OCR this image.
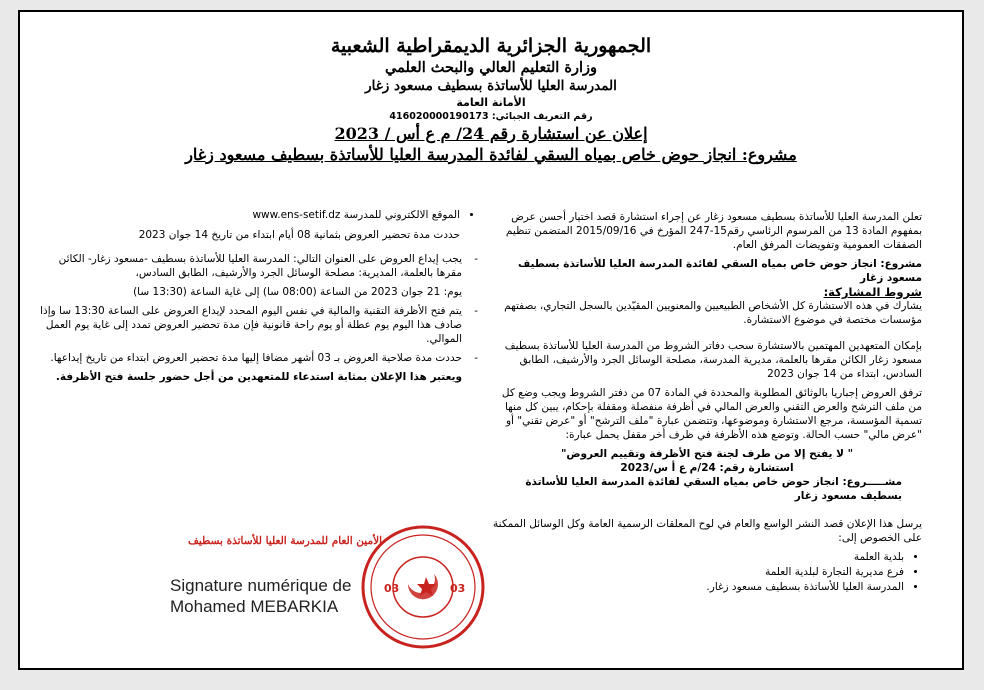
الجمهورية الجزائرية الديمقراطية الشعبية
وزارة التعليم العالي والبحث العلمي
المدرسة العليا للأساتذة بسطيف مسعود زغار
الأمانة العامة
رقم التعريف الجبائي: 416020000190173
إعلان عن استشارة رقم 24/ م ع أس / 2023
مشروع: انجاز حوض خاص بمياه السقي لفائدة المدرسة العليا للأساتذة بسطيف مسعود زغار

تعلن المدرسة العليا للأساتذة بسطيف مسعود زغار عن إجراء استشارة قصد اختيار أحسن عرض بمفهوم المادة 13 من المرسوم الرئاسي رقم15-247 المؤرخ في 2015/09/16 المتضمن تنظيم الصفقات العمومية وتفويضات المرفق العام.

مشروع: انجاز حوض خاص بمياه السقي لفائدة المدرسة العليا للأساتذة بسطيف مسعود زغار

شروط المشاركة:

يشارك في هذه الاستشارة كل الأشخاص الطبيعيين والمعنويين المقيّدين بالسجل التجاري، بصفتهم مؤسسات مختصة في موضوع الاستشارة.

بإمكان المتعهدين المهتمين بالاستشارة سحب دفاتر الشروط من المدرسة العليا للأساتذة بسطيف مسعود زغار الكائن مقرها بالعلمة، مديرية المدرسة، مصلحة الوسائل الجرد والأرشيف، الطابق السادس، ابتداء من 14 جوان 2023

ترفق العروض إجباريا بالوثائق المطلوبة والمحددة في المادة 07 من دفتر الشروط ويجب وضع كل من ملف الترشح والعرض التقني والعرض المالي في أظرفة منفصلة ومقفلة بإحكام، يبين كل منها تسمية المؤسسة، مرجع الاستشارة وموضوعها، وتتضمن عبارة "ملف الترشح" أو "عرض تقني" أو "عرض مالي" حسب الحالة. وتوضع هذه الأظرفة في ظرف أخر مقفل يحمل عبارة:

" لا يفتح إلا من طرف لجنة فتح الأظرفة وتقييم العروض"
استشارة رقم: 24/م ع أ س/2023

مشـــــروع: انجاز حوض خاص بمياه السقي لفائدة المدرسة العليا للأساتذة بسطيف مسعود زغار

يرسل هذا الإعلان قصد النشر الواسع والعام في لوح المعلقات الرسمية العامة وكل الوسائل الممكنة على الخصوص إلى:

• بلدية العلمة
• فرع مديرية التجارة لبلدية العلمة
• المدرسة العليا للأساتذة بسطيف مسعود زغار.
• الموقع الالكتروني للمدرسة www.ens-setif.dz

حددت مدة تحضير العروض بثمانية 08 أيام ابتداء من تاريخ 14 جوان 2023

- يجب إيداع العروض على العنوان التالي: المدرسة العليا للأساتذة بسطيف -مسعود زغار- الكائن مقرها بالعلمة، المديرية: مصلحة الوسائل الجرد والأرشيف، الطابق السادس،

يوم: 21 جوان 2023 من الساعة (08:00 سا) إلى غاية الساعة (13:30 سا)

- يتم فتح الأظرفة التقنية والمالية في نفس اليوم المحدد لإيداع العروض على الساعة 13:30 سا وإذا صادف هذا اليوم يوم عطلة أو يوم راحة قانونية فإن مدة تحضير العروض تمدد إلى غاية يوم العمل الموالي.

- حددت مدة صلاحية العروض بـ 03 أشهر مضافا إليها مدة تحضير العروض ابتداء من تاريخ إيداعها.

ويعتبر هذا الإعلان بمثابة استدعاء للمتعهدين من أجل حضور جلسة فتح الأظرفة.

الأمين العام للمدرسة العليا للأساتذة بسطيف
Signature numérique de
Mohamed MEBARKIA
03	03
